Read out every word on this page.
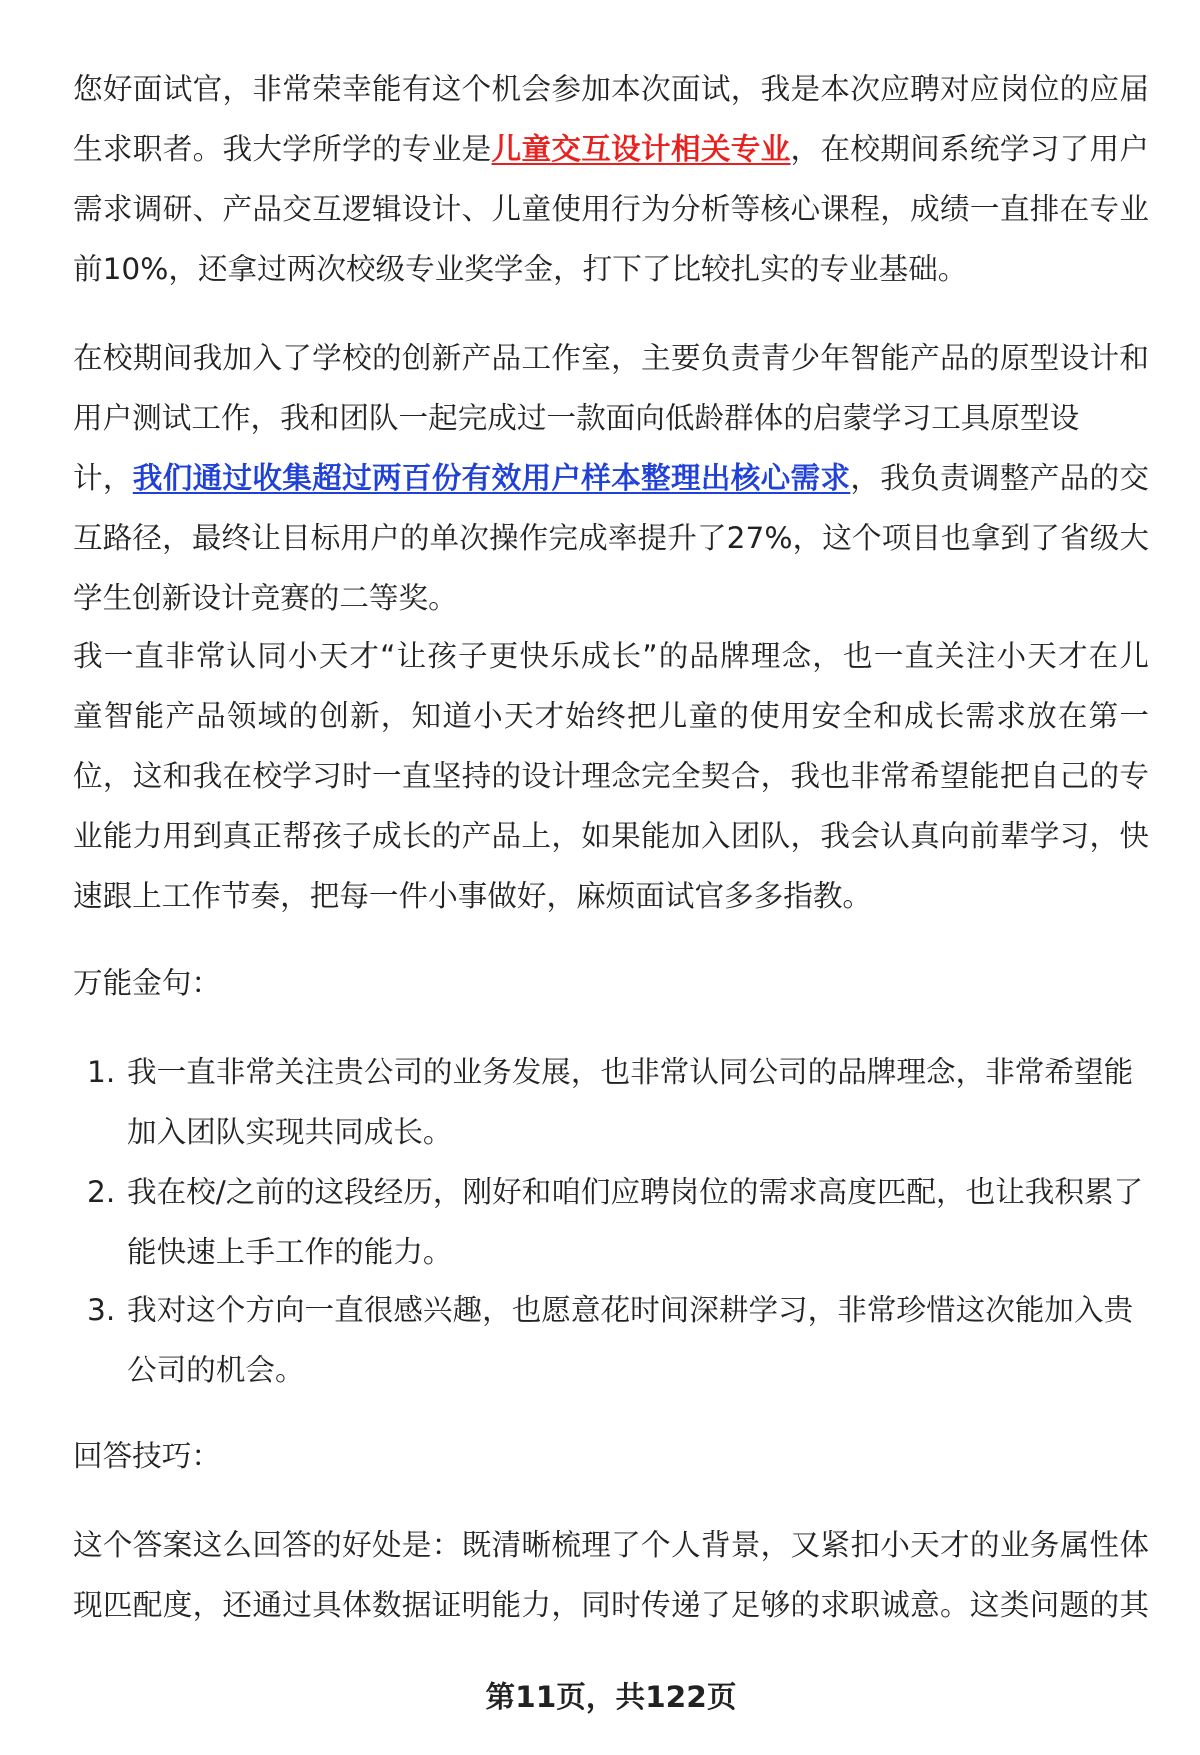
您好面试官，非常荣幸能有这个机会参加本次面试，我是本次应聘对应岗位的应届
生求职者。我大学所学的专业是儿童交互设计相关专业，在校期间系统学习了用户
需求调研、产品交互逻辑设计、儿童使用行为分析等核心课程，成绩一直排在专业
前10%，还拿过两次校级专业奖学金，打下了比较扎实的专业基础。
在校期间我加入了学校的创新产品工作室，主要负责青少年智能产品的原型设计和
用户测试工作，我和团队一起完成过一款面向低龄群体的启蒙学习工具原型设
计，我们通过收集超过两百份有效用户样本整理出核心需求，我负责调整产品的交
互路径，最终让目标用户的单次操作完成率提升了27%，这个项目也拿到了省级大
学生创新设计竞赛的二等奖。
我一直非常认同小天才“让孩子更快乐成长”的品牌理念，也一直关注小天才在儿
童智能产品领域的创新，知道小天才始终把儿童的使用安全和成长需求放在第一
位，这和我在校学习时一直坚持的设计理念完全契合，我也非常希望能把自己的专
业能力用到真正帮孩子成长的产品上，如果能加入团队，我会认真向前辈学习，快
速跟上工作节奏，把每一件小事做好，麻烦面试官多多指教。
万能金句：
1. 我一直非常关注贵公司的业务发展，也非常认同公司的品牌理念，非常希望能
加入团队实现共同成长。
2. 我在校/之前的这段经历，刚好和咱们应聘岗位的需求高度匹配，也让我积累了
能快速上手工作的能力。
3. 我对这个方向一直很感兴趣，也愿意花时间深耕学习，非常珍惜这次能加入贵
公司的机会。
回答技巧：
这个答案这么回答的好处是：既清晰梳理了个人背景，又紧扣小天才的业务属性体
现匹配度，还通过具体数据证明能力，同时传递了足够的求职诚意。这类问题的其
第11页，共122页
